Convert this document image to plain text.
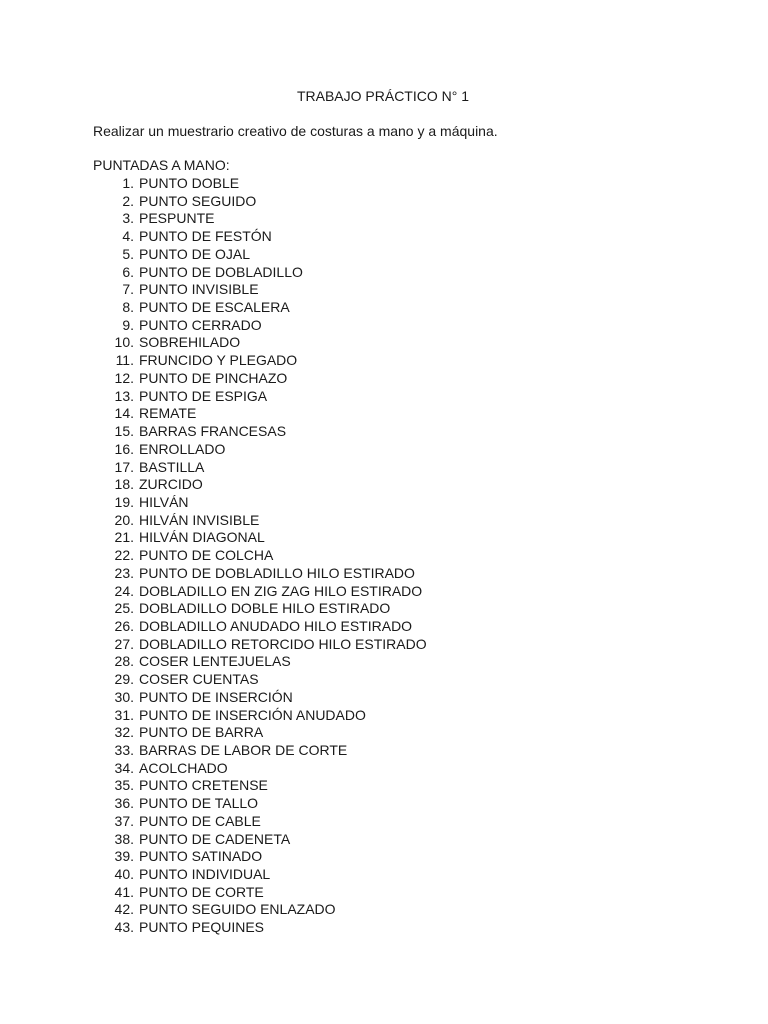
TRABAJO PRÁCTICO N° 1
Realizar un muestrario creativo de costuras a mano y a máquina.
PUNTADAS A MANO:
1. PUNTO DOBLE
2. PUNTO SEGUIDO
3. PESPUNTE
4. PUNTO DE FESTÓN
5. PUNTO DE OJAL
6. PUNTO DE DOBLADILLO
7. PUNTO INVISIBLE
8. PUNTO DE ESCALERA
9. PUNTO CERRADO
10. SOBREHILADO
11. FRUNCIDO Y PLEGADO
12. PUNTO DE PINCHAZO
13. PUNTO DE ESPIGA
14. REMATE
15. BARRAS FRANCESAS
16. ENROLLADO
17. BASTILLA
18. ZURCIDO
19. HILVÁN
20. HILVÁN INVISIBLE
21. HILVÁN DIAGONAL
22. PUNTO DE COLCHA
23. PUNTO DE DOBLADILLO HILO ESTIRADO
24. DOBLADILLO EN ZIG ZAG HILO ESTIRADO
25. DOBLADILLO DOBLE HILO ESTIRADO
26. DOBLADILLO ANUDADO HILO ESTIRADO
27. DOBLADILLO RETORCIDO HILO ESTIRADO
28. COSER LENTEJUELAS
29. COSER CUENTAS
30. PUNTO DE INSERCIÓN
31. PUNTO DE INSERCIÓN ANUDADO
32. PUNTO DE BARRA
33. BARRAS DE LABOR DE CORTE
34. ACOLCHADO
35. PUNTO CRETENSE
36. PUNTO DE TALLO
37. PUNTO DE CABLE
38. PUNTO DE CADENETA
39. PUNTO SATINADO
40. PUNTO INDIVIDUAL
41. PUNTO DE CORTE
42. PUNTO SEGUIDO ENLAZADO
43. PUNTO PEQUINES
